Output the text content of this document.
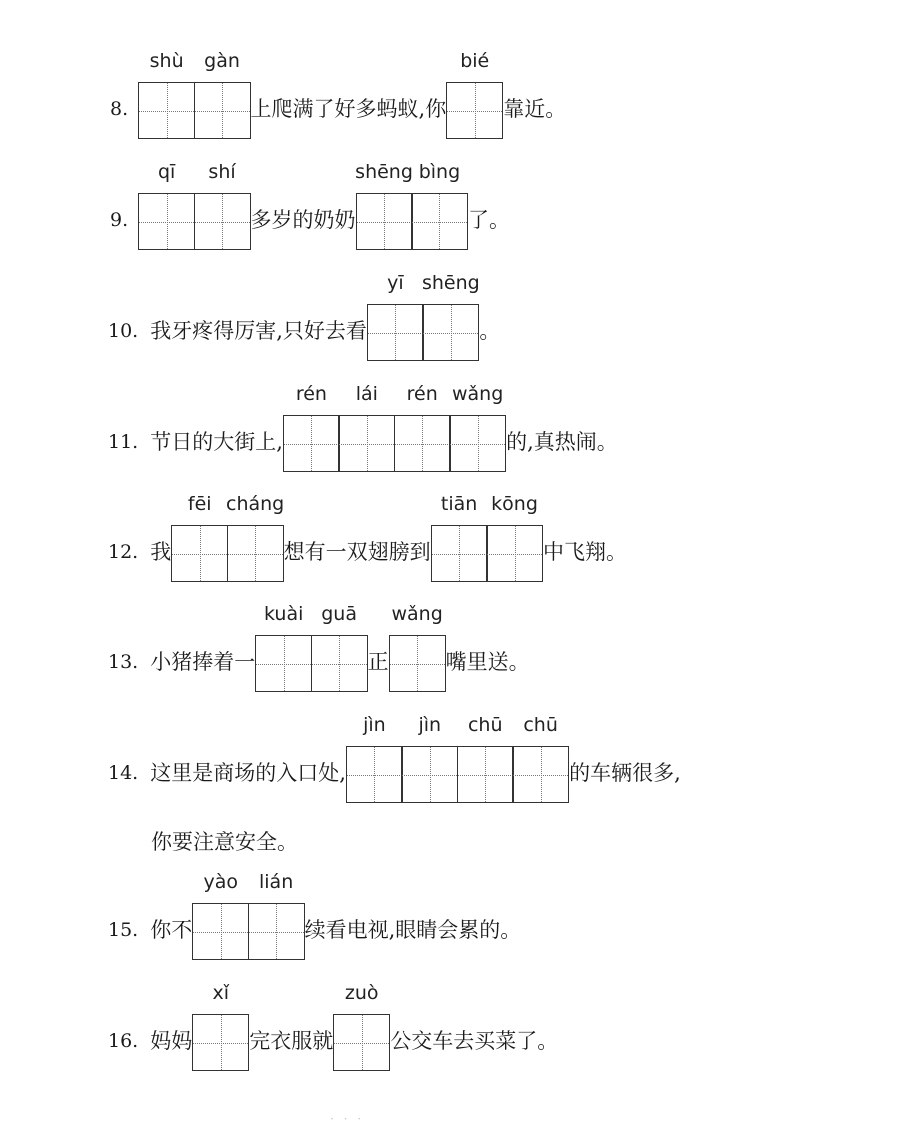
8.
shù	gàn
上爬满了好多蚂蚁,你
bié
靠近。
9.
qī	shí
多岁的奶奶
shēng bìng
了。
10. 我牙疼得厉害,只好去看
yī shēng
。
11. 节日的大街上,
rén	lái	rén wǎng
的,真热闹。
12. 我
fēi cháng
想有一双翅膀到
tiān kōng
中飞翔。
13. 小猪捧着一
kuài guā
正
wǎng
嘴里送。
14. 这里是商场的入口处,
jìn	jìn	chū	chū
的车辆很多,
你要注意安全。
15. 你不
yào	lián
续看电视,眼睛会累的。
16. 妈妈
xǐ
完衣服就
zuò
公交车去买菜了。
· · ·
